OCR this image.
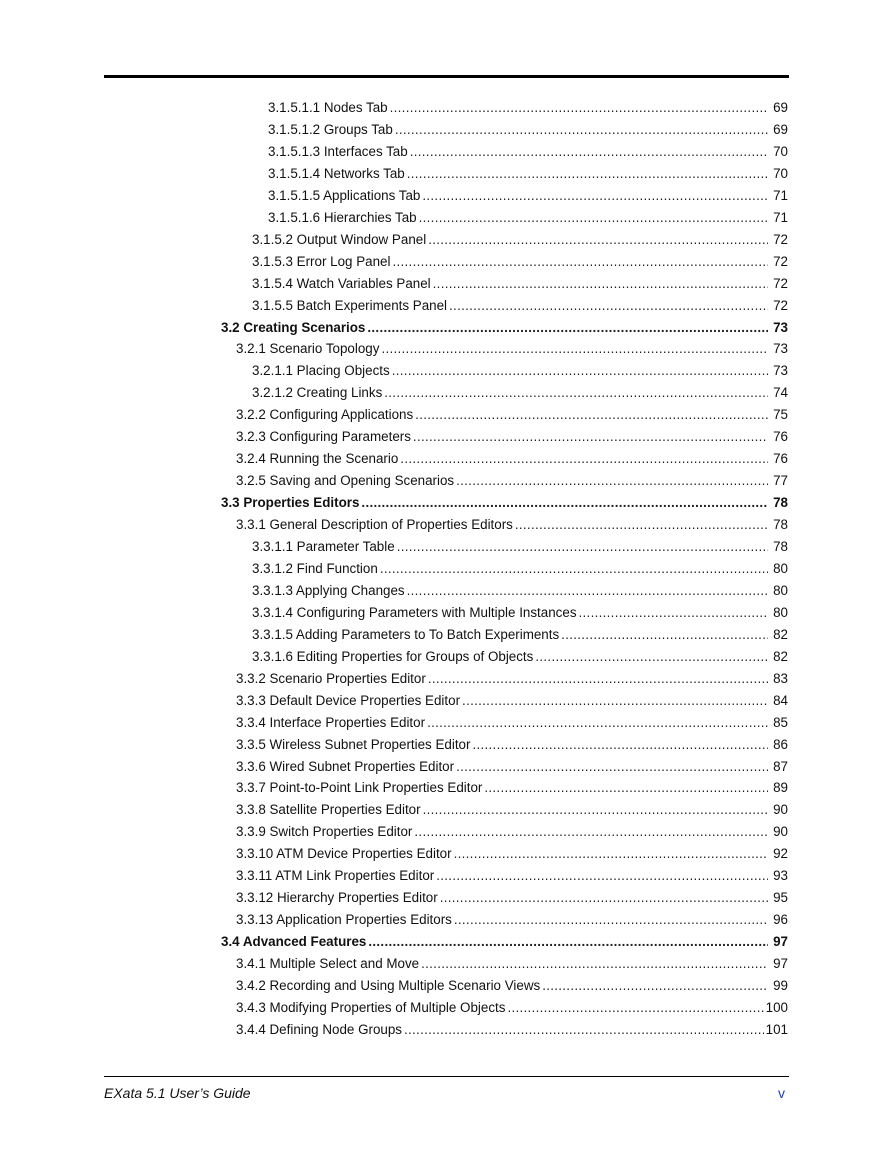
3.1.5.1.1 Nodes Tab .....	69
3.1.5.1.2 Groups Tab .....	69
3.1.5.1.3 Interfaces Tab .....	70
3.1.5.1.4 Networks Tab .....	70
3.1.5.1.5 Applications Tab .....	71
3.1.5.1.6 Hierarchies Tab .....	71
3.1.5.2 Output Window Panel .....	72
3.1.5.3 Error Log Panel .....	72
3.1.5.4 Watch Variables Panel .....	72
3.1.5.5 Batch Experiments Panel .....	72
3.2 Creating Scenarios .....	73
3.2.1 Scenario Topology .....	73
3.2.1.1 Placing Objects .....	73
3.2.1.2 Creating Links .....	74
3.2.2 Configuring Applications .....	75
3.2.3 Configuring Parameters .....	76
3.2.4 Running the Scenario .....	76
3.2.5 Saving and Opening Scenarios .....	77
3.3 Properties Editors .....	78
3.3.1 General Description of Properties Editors .....	78
3.3.1.1 Parameter Table .....	78
3.3.1.2 Find Function .....	80
3.3.1.3 Applying Changes .....	80
3.3.1.4 Configuring Parameters with Multiple Instances .....	80
3.3.1.5 Adding Parameters to To Batch Experiments .....	82
3.3.1.6 Editing Properties for Groups of Objects .....	82
3.3.2 Scenario Properties Editor .....	83
3.3.3 Default Device Properties Editor .....	84
3.3.4 Interface Properties Editor .....	85
3.3.5 Wireless Subnet Properties Editor .....	86
3.3.6 Wired Subnet Properties Editor .....	87
3.3.7 Point-to-Point Link Properties Editor .....	89
3.3.8 Satellite Properties Editor .....	90
3.3.9 Switch Properties Editor .....	90
3.3.10 ATM Device Properties Editor .....	92
3.3.11 ATM Link Properties Editor .....	93
3.3.12 Hierarchy Properties Editor .....	95
3.3.13 Application Properties Editors .....	96
3.4 Advanced Features .....	97
3.4.1 Multiple Select and Move .....	97
3.4.2 Recording and Using Multiple Scenario Views .....	99
3.4.3 Modifying Properties of Multiple Objects .....	100
3.4.4 Defining Node Groups .....	101
EXata 5.1 User’s Guide	v
